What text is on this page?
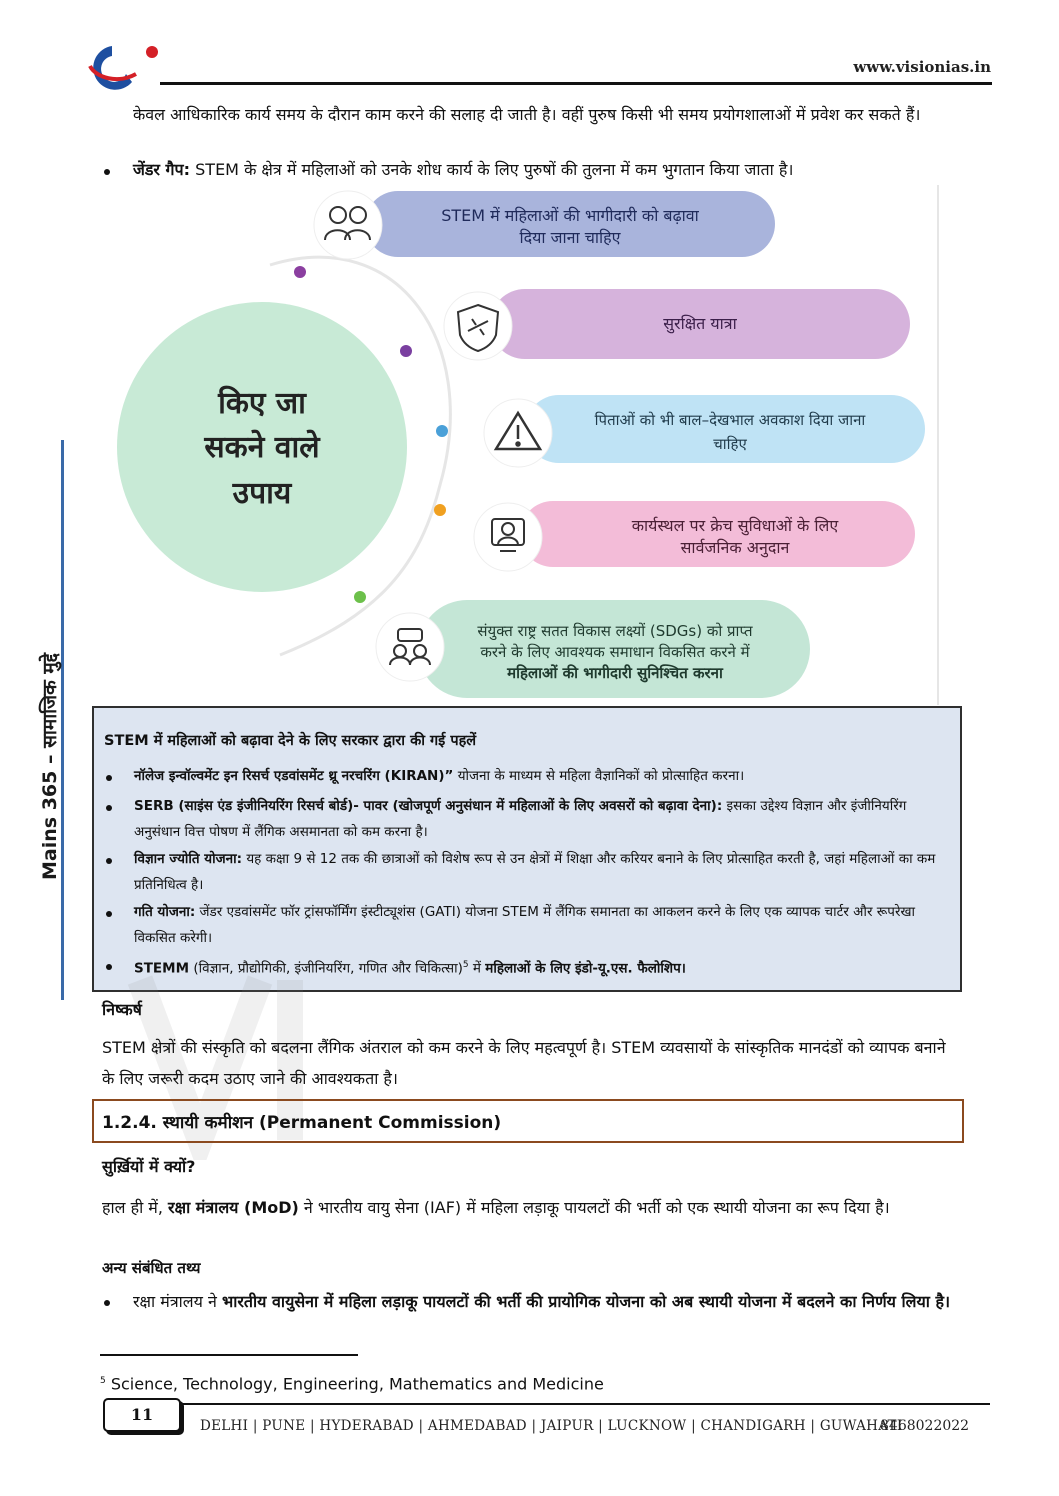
www.visionias.in
Mains 365 – सामाजिक मुद्दे
केवल आधिकारिक कार्य समय के दौरान काम करने की सलाह दी जाती है। वहीं पुरुष किसी भी समय प्रयोगशालाओं में प्रवेश कर सकते हैं।
जेंडर गैप: STEM के क्षेत्र में महिलाओं को उनके शोध कार्य के लिए पुरुषों की तुलना में कम भुगतान किया जाता है।
किए जा
सकने वाले
उपाय
STEM में महिलाओं की भागीदारी को बढ़ावा
दिया जाना चाहिए
सुरक्षित यात्रा
पिताओं को भी बाल–देखभाल अवकाश दिया जाना
चाहिए
कार्यस्थल पर क्रेच सुविधाओं के लिए
सार्वजनिक अनुदान
संयुक्त राष्ट्र सतत विकास लक्ष्यों (SDGs) को प्राप्त
करने के लिए आवश्यक समाधान विकसित करने में
महिलाओं की भागीदारी सुनिश्चित करना
STEM में महिलाओं को बढ़ावा देने के लिए सरकार द्वारा की गई पहलें
नॉलेज इन्वॉल्वमेंट इन रिसर्च एडवांसमेंट थ्रू नरचरिंग (KIRAN)” योजना के माध्यम से महिला वैज्ञानिकों को प्रोत्साहित करना।
SERB (साइंस एंड इंजीनियरिंग रिसर्च बोर्ड)- पावर (खोजपूर्ण अनुसंधान में महिलाओं के लिए अवसरों को बढ़ावा देना): इसका उद्देश्य विज्ञान और इंजीनियरिंग अनुसंधान वित्त पोषण में लैंगिक असमानता को कम करना है।
विज्ञान ज्योति योजना: यह कक्षा 9 से 12 तक की छात्राओं को विशेष रूप से उन क्षेत्रों में शिक्षा और करियर बनाने के लिए प्रोत्साहित करती है, जहां महिलाओं का कम प्रतिनिधित्व है।
गति योजना: जेंडर एडवांसमेंट फॉर ट्रांसफॉर्मिंग इंस्टीट्यूशंस (GATI) योजना STEM में लैंगिक समानता का आकलन करने के लिए एक व्यापक चार्टर और रूपरेखा विकसित करेगी।
STEMM (विज्ञान, प्रौद्योगिकी, इंजीनियरिंग, गणित और चिकित्सा)$^5$ में महिलाओं के लिए इंडो-यू.एस. फैलोशिप।
निष्कर्ष
STEM क्षेत्रों की संस्कृति को बदलना लैंगिक अंतराल को कम करने के लिए महत्वपूर्ण है। STEM व्यवसायों के सांस्कृतिक मानदंडों को व्यापक बनाने के लिए जरूरी कदम उठाए जाने की आवश्यकता है।
1.2.4. स्थायी कमीशन (Permanent Commission)
सुर्ख़ियों में क्यों?
हाल ही में, रक्षा मंत्रालय (MoD) ने भारतीय वायु सेना (IAF) में महिला लड़ाकू पायलटों की भर्ती को एक स्थायी योजना का रूप दिया है।
अन्य संबंधित तथ्य
रक्षा मंत्रालय ने भारतीय वायुसेना में महिला लड़ाकू पायलटों की भर्ती की प्रायोगिक योजना को अब स्थायी योजना में बदलने का निर्णय लिया है।
$^5$ Science, Technology, Engineering, Mathematics and Medicine
11
DELHI | PUNE | HYDERABAD | AHMEDABAD | JAIPUR | LUCKNOW | CHANDIGARH | GUWAHATI
8468022022
